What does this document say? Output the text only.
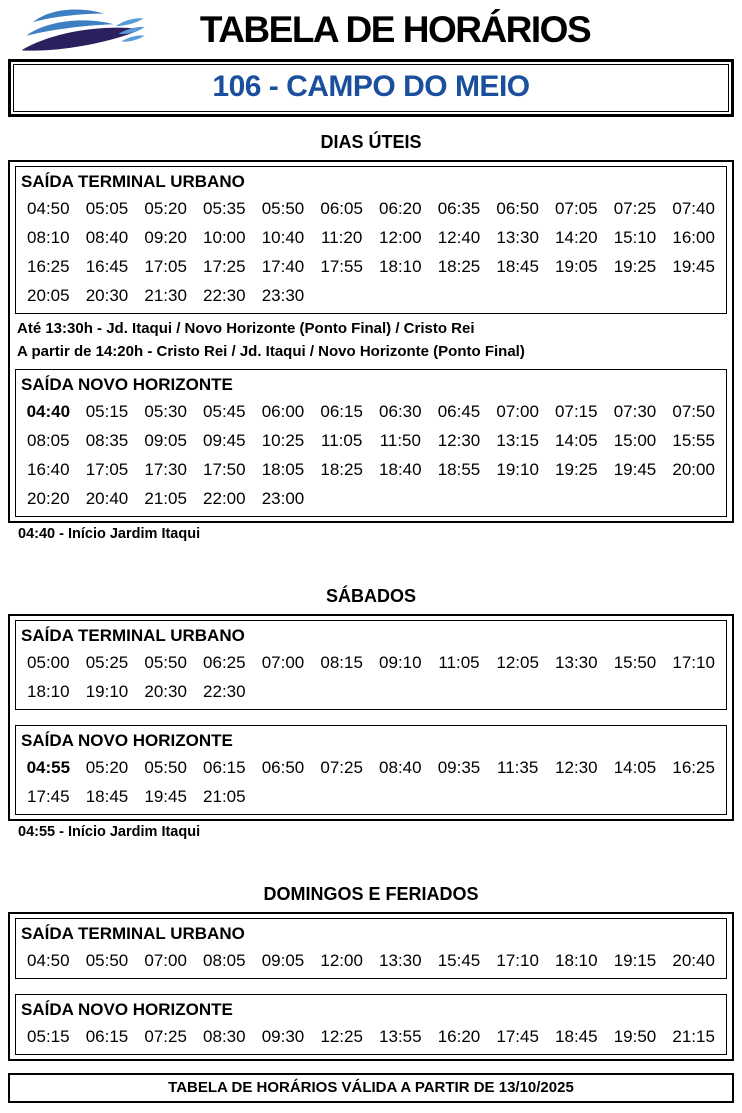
TABELA DE HORÁRIOS
106 - CAMPO DO MEIO
DIAS ÚTEIS
SAÍDA TERMINAL URBANO
04:50 05:05 05:20 05:35 05:50 06:05 06:20 06:35 06:50 07:05 07:25 07:40
08:10 08:40 09:20 10:00 10:40 11:20 12:00 12:40 13:30 14:20 15:10 16:00
16:25 16:45 17:05 17:25 17:40 17:55 18:10 18:25 18:45 19:05 19:25 19:45
20:05 20:30 21:30 22:30 23:30
Até 13:30h - Jd. Itaqui / Novo Horizonte (Ponto Final) / Cristo Rei
A partir de 14:20h - Cristo Rei / Jd. Itaqui / Novo Horizonte (Ponto Final)
SAÍDA NOVO HORIZONTE
04:40 05:15 05:30 05:45 06:00 06:15 06:30 06:45 07:00 07:15 07:30 07:50
08:05 08:35 09:05 09:45 10:25 11:05	11:50 12:30 13:15 14:05 15:00 15:55
16:40 17:05 17:30 17:50 18:05 18:25 18:40 18:55 19:10 19:25 19:45 20:00
20:20 20:40 21:05 22:00 23:00
04:40 - Início Jardim Itaqui
SÁBADOS
SAÍDA TERMINAL URBANO
05:00 05:25 05:50 06:25 07:00 08:15 09:10 11:05 12:05 13:30 15:50 17:10
18:10 19:10 20:30 22:30
SAÍDA NOVO HORIZONTE
04:55 05:20 05:50 06:15 06:50 07:25 08:40 09:35 11:35 12:30 14:05 16:25
17:45 18:45 19:45 21:05
04:55 - Início Jardim Itaqui
DOMINGOS E FERIADOS
SAÍDA TERMINAL URBANO
04:50 05:50 07:00 08:05 09:05 12:00 13:30 15:45 17:10 18:10 19:15 20:40
SAÍDA NOVO HORIZONTE
05:15 06:15 07:25 08:30 09:30 12:25 13:55 16:20 17:45 18:45 19:50 21:15
TABELA DE HORÁRIOS VÁLIDA A PARTIR DE 13/10/2025
